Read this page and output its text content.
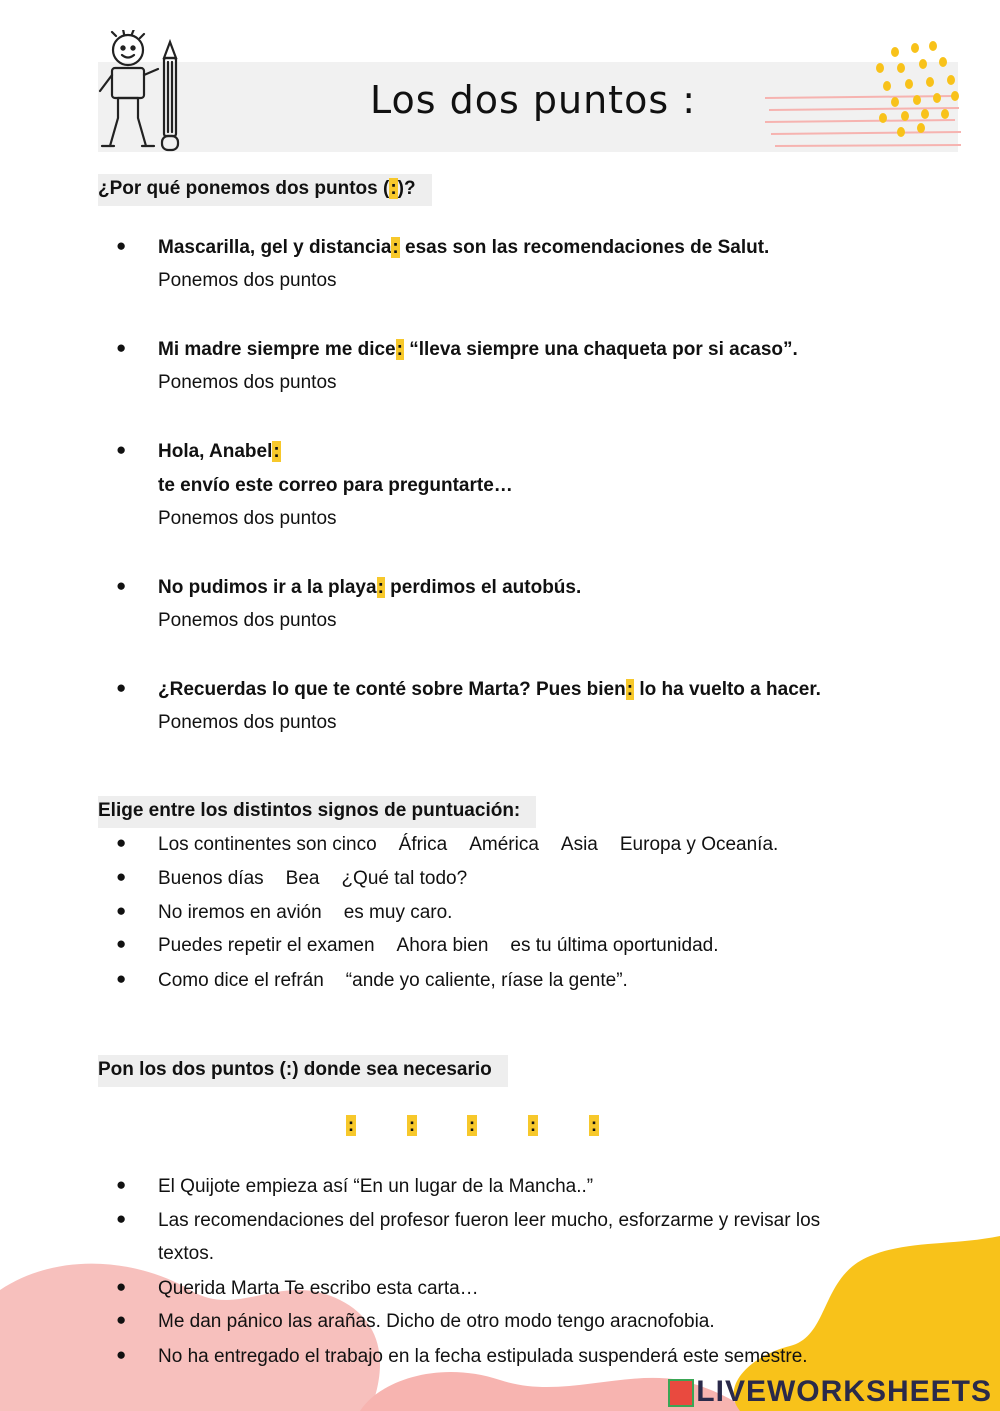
Los dos puntos :
¿Por qué ponemos dos puntos (:)?
● Mascarilla, gel y distancia: esas son las recomendaciones de Salut.
Ponemos dos puntos
● Mi madre siempre me dice: “lleva siempre una chaqueta por si acaso”.
Ponemos dos puntos
● Hola, Anabel:
te envío este correo para preguntarte…
Ponemos dos puntos
● No pudimos ir a la playa: perdimos el autobús.
Ponemos dos puntos
● ¿Recuerdas lo que te conté sobre Marta? Pues bien: lo ha vuelto a hacer.
Ponemos dos puntos
Elige entre los distintos signos de puntuación:
● Los continentes son cinco África América Asia Europa y Oceanía.
● Buenos días Bea ¿Qué tal todo?
● No iremos en avión es muy caro.
● Puedes repetir el examen Ahora bien es tu última oportunidad.
● Como dice el refrán “ande yo caliente, ríase la gente”.
Pon los dos puntos (:) donde sea necesario
:	:	:	:	:
● El Quijote empieza así “En un lugar de la Mancha..”
● Las recomendaciones del profesor fueron leer mucho, esforzarme y revisar los
textos.
● Querida Marta Te escribo esta carta…
● Me dan pánico las arañas. Dicho de otro modo tengo aracnofobia.
● No ha entregado el trabajo en la fecha estipulada suspenderá este semestre.
LIVEWORKSHEETS
